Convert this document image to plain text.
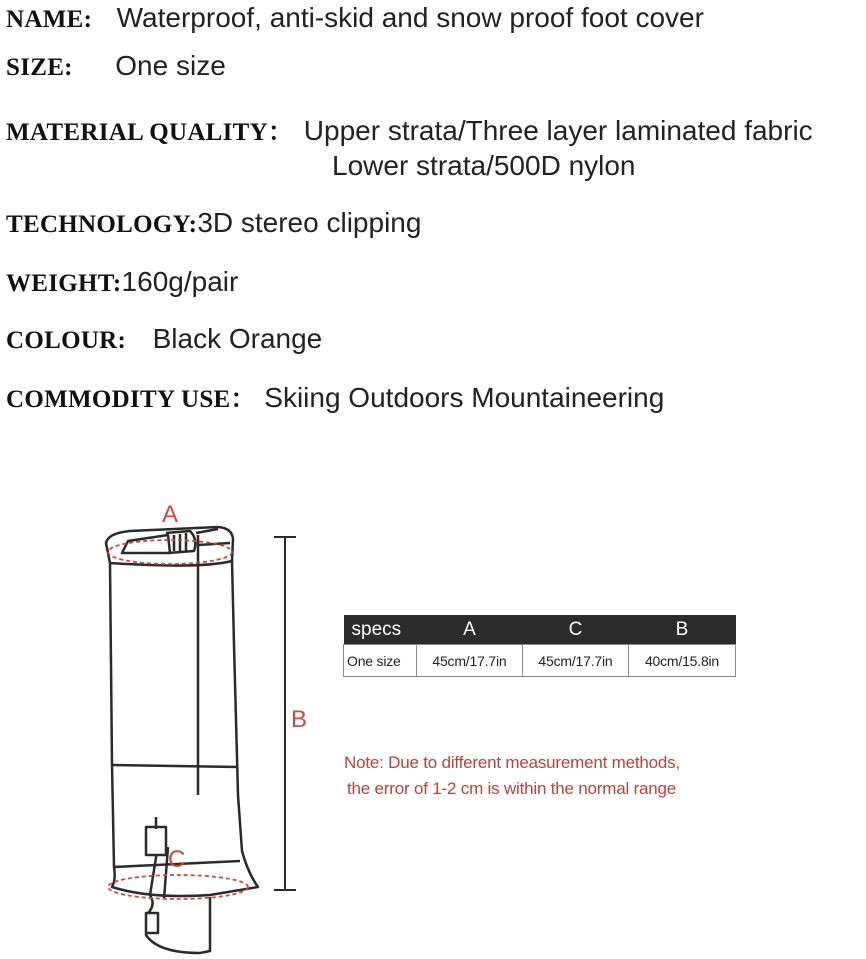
NAME: Waterproof, anti-skid and snow proof foot cover
SIZE: One size
MATERIAL QUALITY： Upper strata/Three layer laminated fabric
Lower strata/500D nylon
TECHNOLOGY:3D stereo clipping
WEIGHT:160g/pair
COLOUR: Black Orange
COMMODITY USE： Skiing Outdoors Mountaineering
A
B
C
specs	A	C	B
One size	45cm/17.7in	45cm/17.7in	40cm/15.8in
Note: Due to different measurement methods,
the error of 1-2 cm is within the normal range
